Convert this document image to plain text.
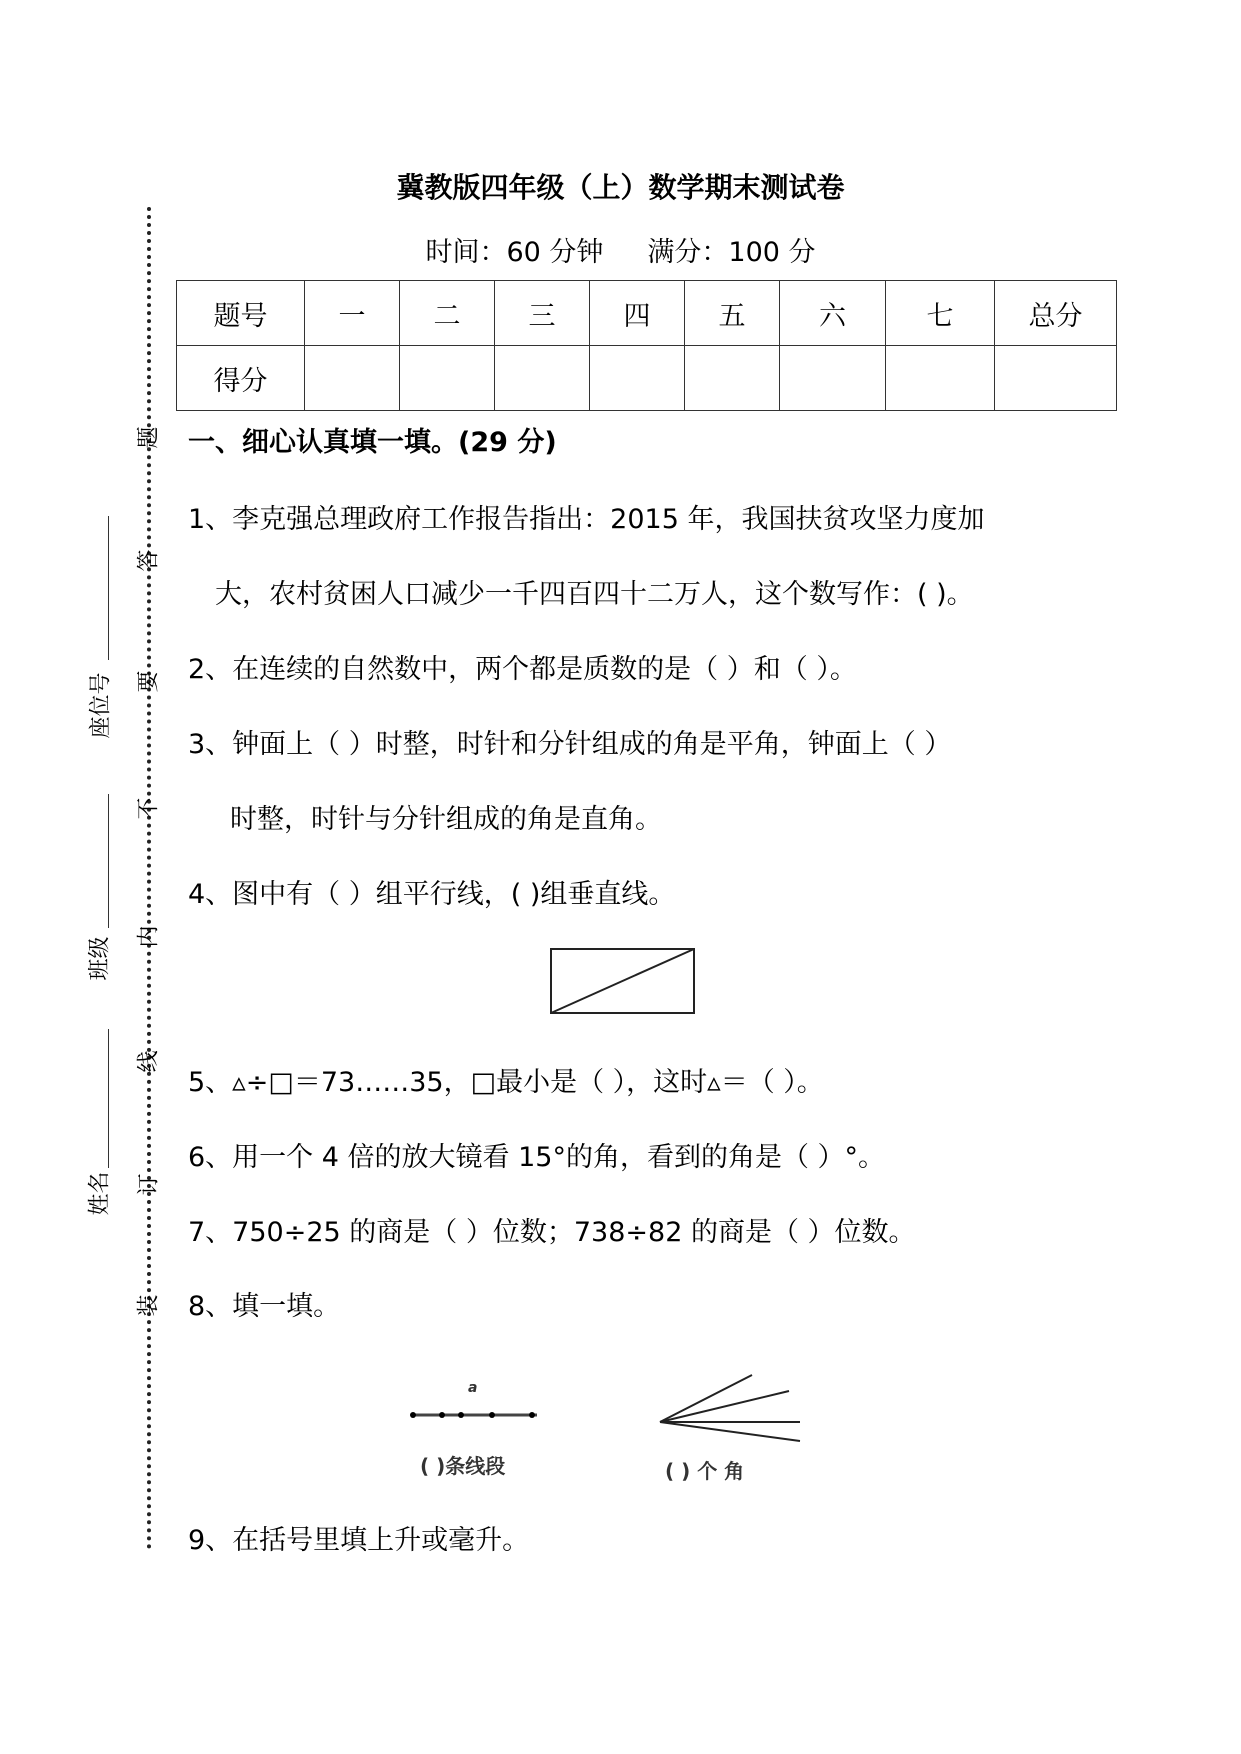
冀教版四年级（上）数学期末测试卷
时间：60 分钟 满分：100 分
题号	一	二	三	四	五	六	七	总分
得分								
题
答
要
不
内
线
订
装
座位号
班级
姓名
一、细心认真填一填。(29 分)
1、李克强总理政府工作报告指出：2015 年，我国扶贫攻坚力度加
大，农村贫困人口减少一千四百四十二万人，这个数写作：( )。
2、在连续的自然数中，两个都是质数的是（ ）和（ ）。
3、钟面上（ ）时整，时针和分针组成的角是平角，钟面上（ ）
时整，时针与分针组成的角是直角。
4、图中有（ ）组平行线，( )组垂直线。
5、▵÷□＝73……35，□最小是（ ），这时▵＝（ ）。
6、用一个 4 倍的放大镜看 15°的角，看到的角是（ ）°。
7、750÷25 的商是（ ）位数；738÷82 的商是（ ）位数。
8、填一填。
a
( )条线段	( ) 个 角
9、在括号里填上升或毫升。
